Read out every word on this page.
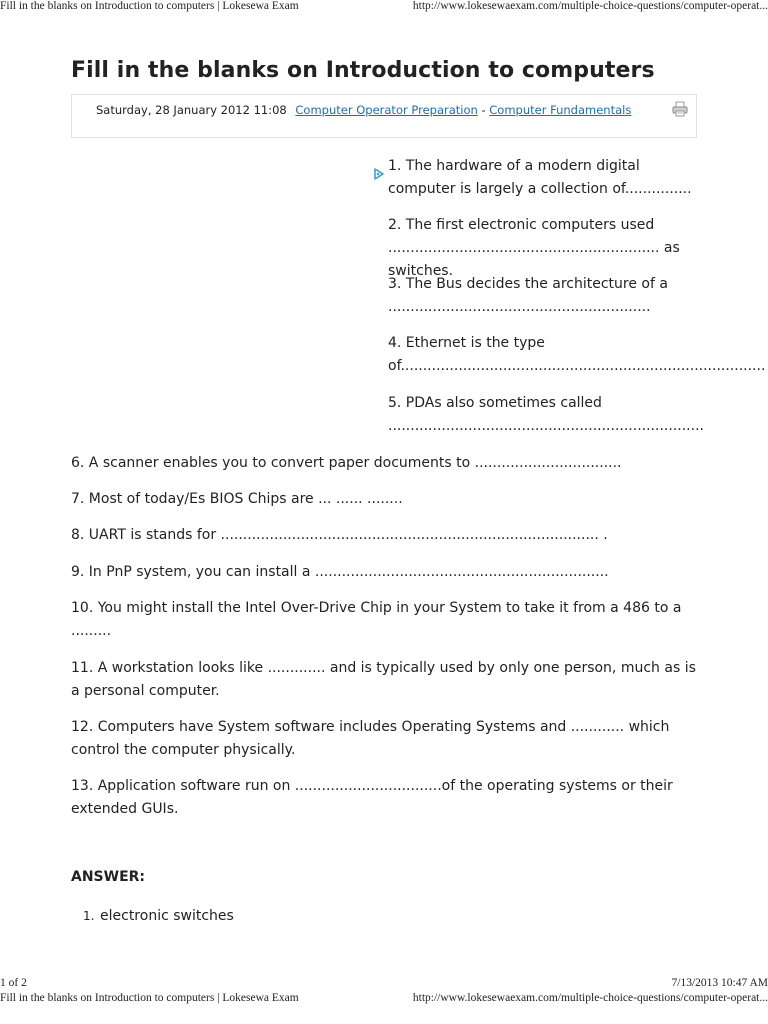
Fill in the blanks on Introduction to computers | Lokesewa Exam	http://www.lokesewaexam.com/multiple-choice-questions/computer-operat...
Fill in the blanks on Introduction to computers
Saturday, 28 January 2012 11:08 Computer Operator Preparation - Computer Fundamentals

1. The hardware of a modern digital computer is largely a collection of...............

2. The first electronic computers used ............................................................. as switches.

3. The Bus decides the architecture of a ...........................................................

4. Ethernet is the type of..................................................................................

5. PDAs also sometimes called .......................................................................

6. A scanner enables you to convert paper documents to .................................

7. Most of today/Es BIOS Chips are ... ...... ........

8. UART is stands for ..................................................................................... .

9. In PnP system, you can install a ..................................................................

10. You might install the Intel Over-Drive Chip in your System to take it from a 486 to a .........

11. A workstation looks like ............. and is typically used by only one person, much as is a personal computer.

12. Computers have System software includes Operating Systems and ............ which control the computer physically.

13. Application software run on .................................of the operating systems or their extended GUIs.

ANSWER:
1. electronic switches
1 of 2	7/13/2013 10:47 AM
Fill in the blanks on Introduction to computers | Lokesewa Exam	http://www.lokesewaexam.com/multiple-choice-questions/computer-operat...
